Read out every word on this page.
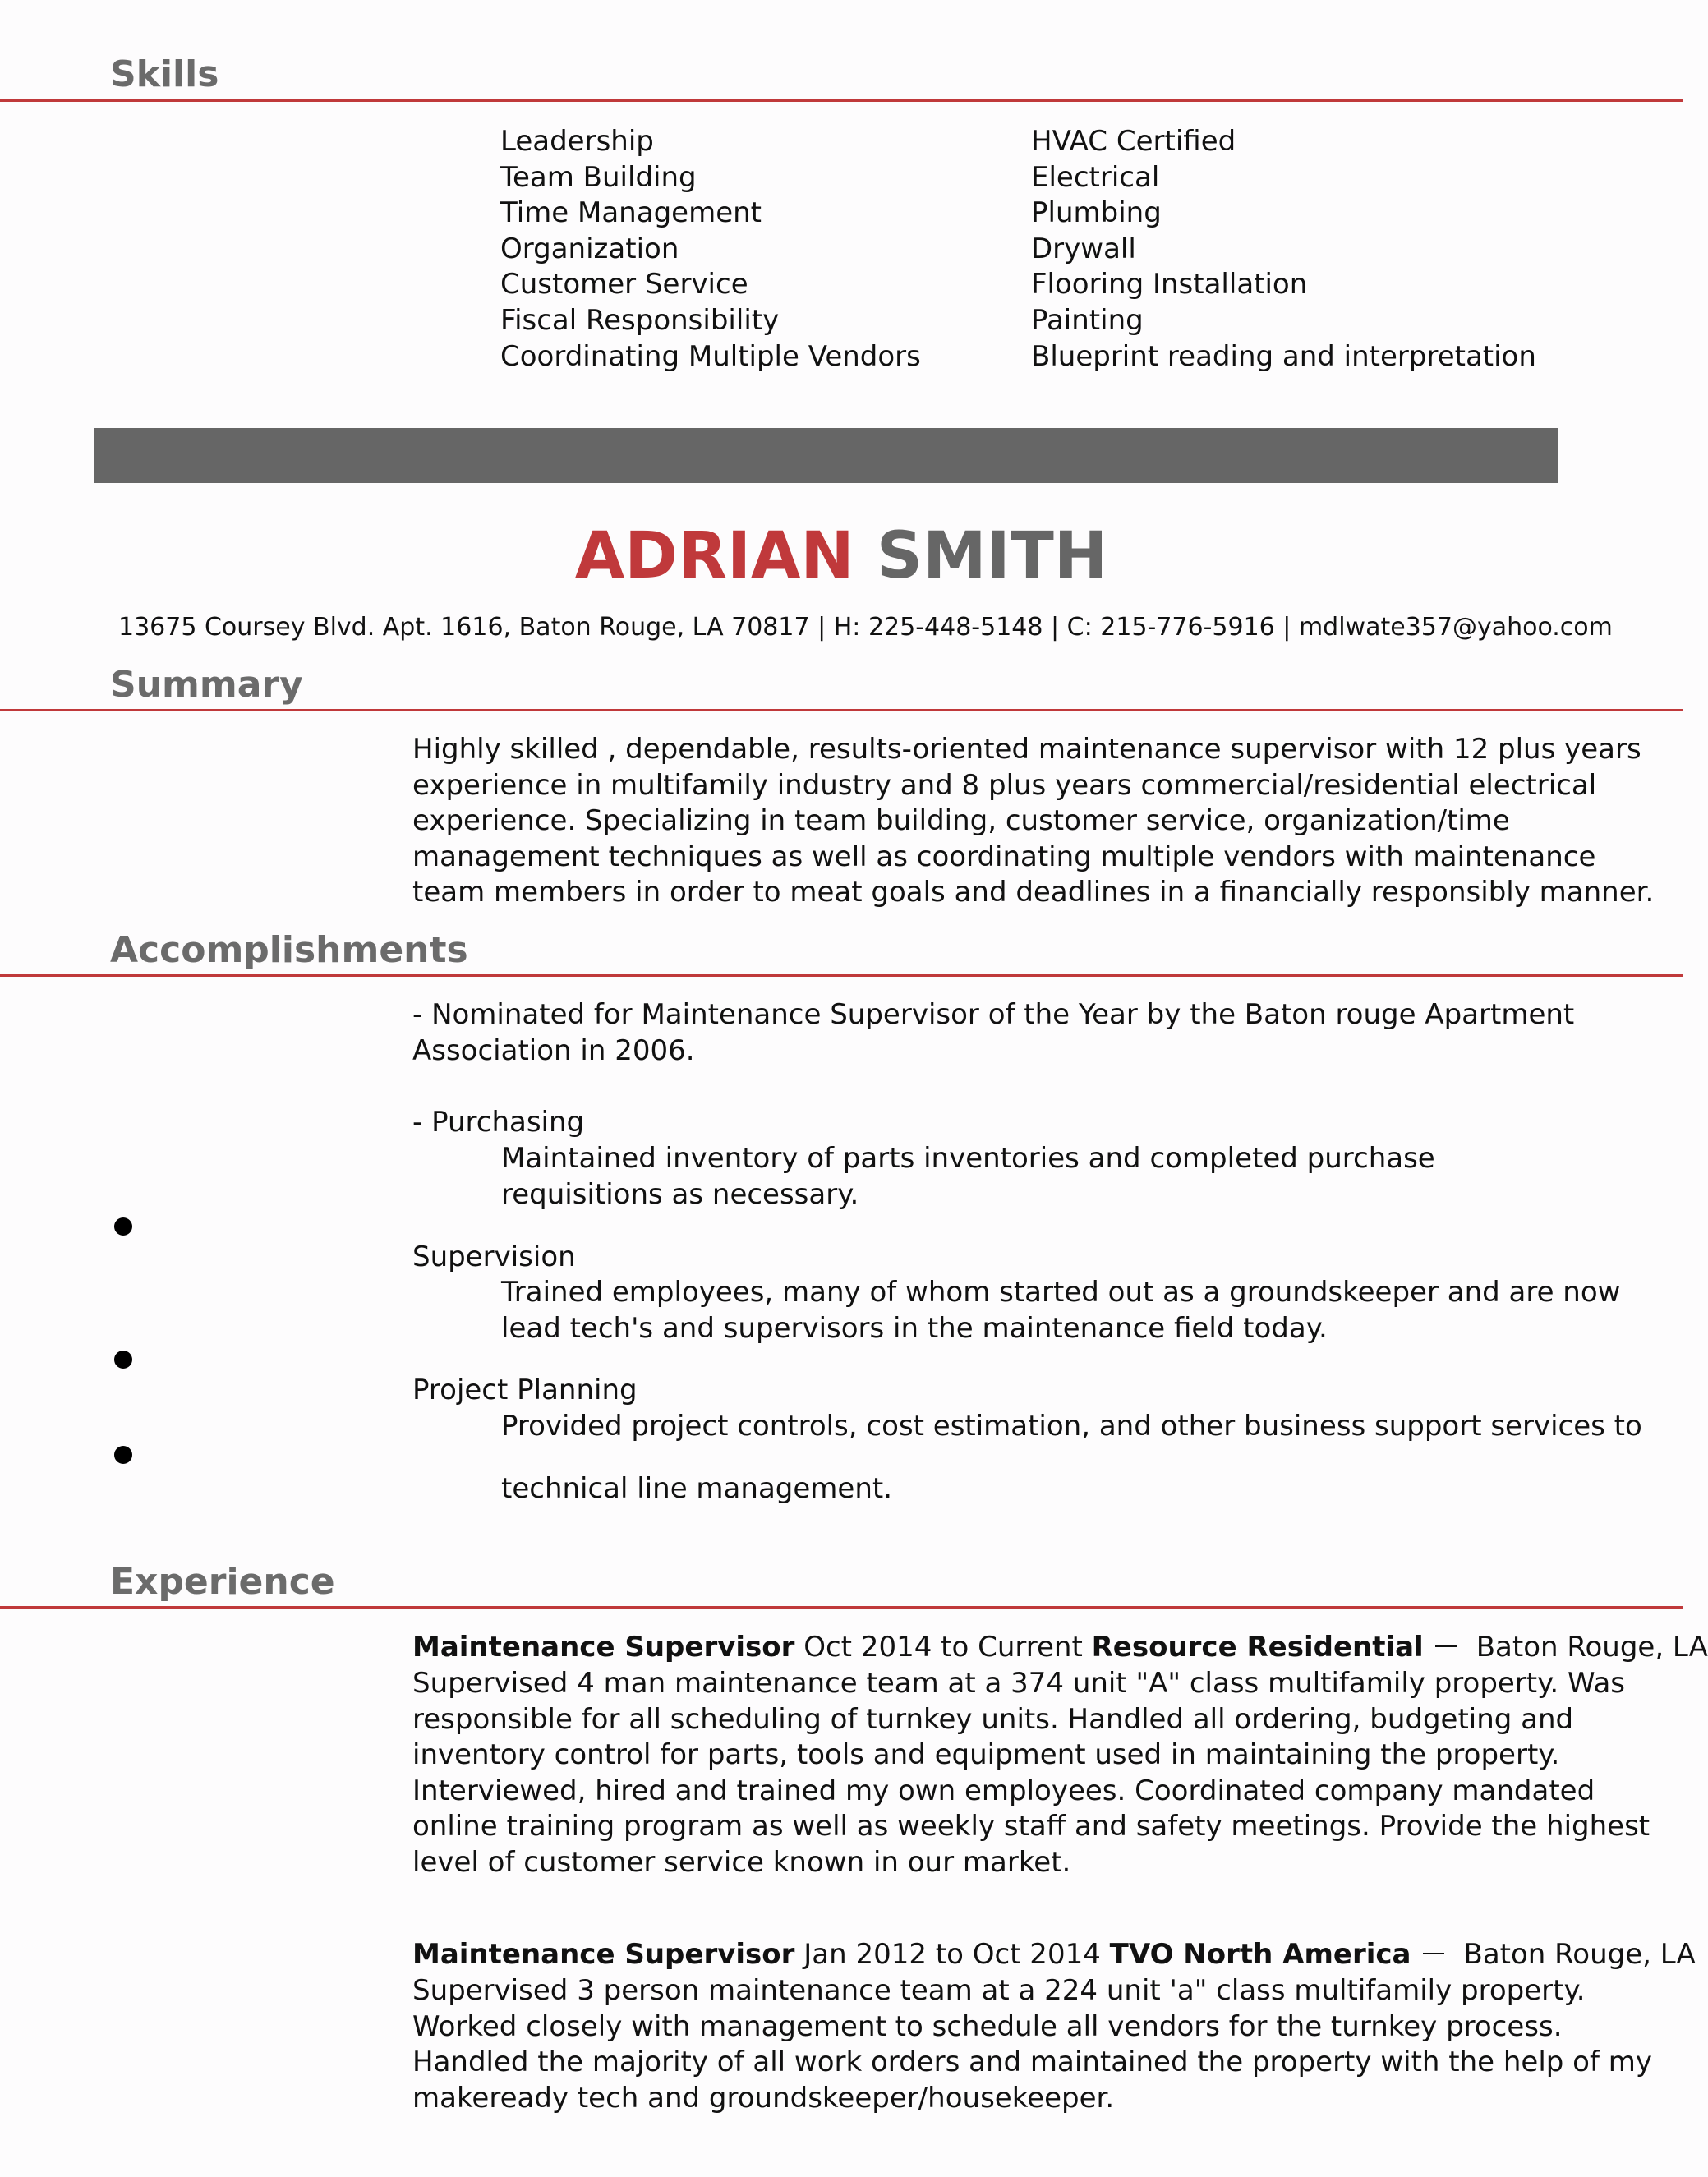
Skills
Leadership
Team Building
Time Management
Organization
Customer Service
Fiscal Responsibility
Coordinating Multiple Vendors
HVAC Certified
Electrical
Plumbing
Drywall
Flooring Installation
Painting
Blueprint reading and interpretation
ADRIAN SMITH
13675 Coursey Blvd. Apt. 1616, Baton Rouge, LA 70817 | H: 225-448-5148 | C: 215-776-5916 | mdlwate357@yahoo.com
Summary
Highly skilled , dependable, results-oriented maintenance supervisor with 12 plus years
experience in multifamily industry and 8 plus years commercial/residential electrical
experience. Specializing in team building, customer service, organization/time
management techniques as well as coordinating multiple vendors with maintenance
team members in order to meat goals and deadlines in a financially responsibly manner.
Accomplishments
- Nominated for Maintenance Supervisor of the Year by the Baton rouge Apartment
Association in 2006.
- Purchasing
Maintained inventory of parts inventories and completed purchase
requisitions as necessary.
Supervision
Trained employees, many of whom started out as a groundskeeper and are now
lead tech's and supervisors in the maintenance field today.
Project Planning
Provided project controls, cost estimation, and other business support services to
technical line management.
Experience
Maintenance Supervisor Oct 2014 to Current Resource Residential Baton Rouge, LA
Supervised 4 man maintenance team at a 374 unit "A" class multifamily property. Was
responsible for all scheduling of turnkey units. Handled all ordering, budgeting and
inventory control for parts, tools and equipment used in maintaining the property.
Interviewed, hired and trained my own employees. Coordinated company mandated
online training program as well as weekly staff and safety meetings. Provide the highest
level of customer service known in our market.
Maintenance Supervisor Jan 2012 to Oct 2014 TVO North America Baton Rouge, LA
Supervised 3 person maintenance team at a 224 unit 'a" class multifamily property.
Worked closely with management to schedule all vendors for the turnkey process.
Handled the majority of all work orders and maintained the property with the help of my
makeready tech and groundskeeper/housekeeper.
